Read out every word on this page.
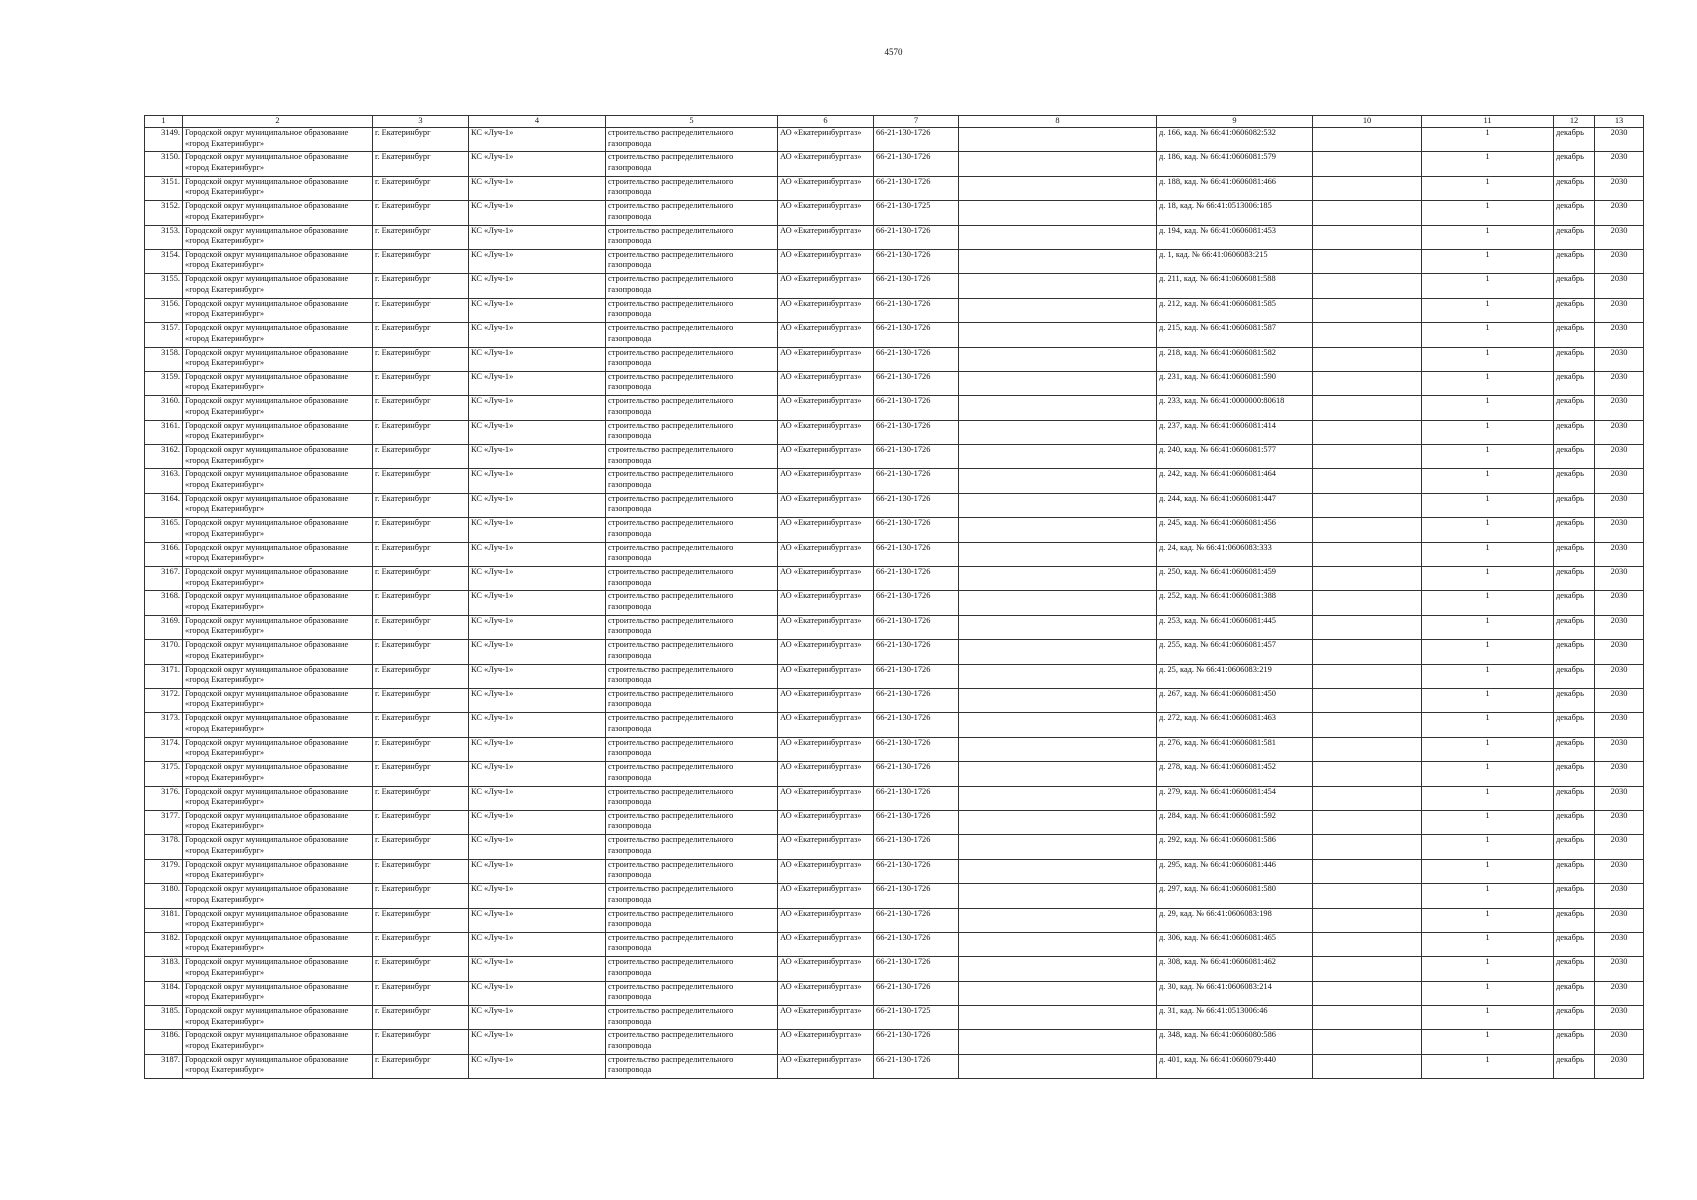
4570
1	2	3	4	5	6	7	8	9	10	11	12	13
3149.	Городской округ муниципальное образование «город Екатеринбург»	г. Екатеринбург	КС «Луч-1»	строительство распределительного газопровода	АО «Екатеринбурггаз»	66-21-130-1726		д. 166, кад. № 66:41:0606082:532		1	декабрь	2030
3150.	Городской округ муниципальное образование «город Екатеринбург»	г. Екатеринбург	КС «Луч-1»	строительство распределительного газопровода	АО «Екатеринбурггаз»	66-21-130-1726		д. 186, кад. № 66:41:0606081:579		1	декабрь	2030
3151.	Городской округ муниципальное образование «город Екатеринбург»	г. Екатеринбург	КС «Луч-1»	строительство распределительного газопровода	АО «Екатеринбурггаз»	66-21-130-1726		д. 188, кад. № 66:41:0606081:466		1	декабрь	2030
3152.	Городской округ муниципальное образование «город Екатеринбург»	г. Екатеринбург	КС «Луч-1»	строительство распределительного газопровода	АО «Екатеринбурггаз»	66-21-130-1725		д. 18, кад. № 66:41:0513006:185		1	декабрь	2030
3153.	Городской округ муниципальное образование «город Екатеринбург»	г. Екатеринбург	КС «Луч-1»	строительство распределительного газопровода	АО «Екатеринбурггаз»	66-21-130-1726		д. 194, кад. № 66:41:0606081:453		1	декабрь	2030
3154.	Городской округ муниципальное образование «город Екатеринбург»	г. Екатеринбург	КС «Луч-1»	строительство распределительного газопровода	АО «Екатеринбурггаз»	66-21-130-1726		д. 1, кад. № 66:41:0606083:215		1	декабрь	2030
3155.	Городской округ муниципальное образование «город Екатеринбург»	г. Екатеринбург	КС «Луч-1»	строительство распределительного газопровода	АО «Екатеринбурггаз»	66-21-130-1726		д. 211, кад. № 66:41:0606081:588		1	декабрь	2030
3156.	Городской округ муниципальное образование «город Екатеринбург»	г. Екатеринбург	КС «Луч-1»	строительство распределительного газопровода	АО «Екатеринбурггаз»	66-21-130-1726		д. 212, кад. № 66:41:0606081:585		1	декабрь	2030
3157.	Городской округ муниципальное образование «город Екатеринбург»	г. Екатеринбург	КС «Луч-1»	строительство распределительного газопровода	АО «Екатеринбурггаз»	66-21-130-1726		д. 215, кад. № 66:41:0606081:587		1	декабрь	2030
3158.	Городской округ муниципальное образование «город Екатеринбург»	г. Екатеринбург	КС «Луч-1»	строительство распределительного газопровода	АО «Екатеринбурггаз»	66-21-130-1726		д. 218, кад. № 66:41:0606081:582		1	декабрь	2030
3159.	Городской округ муниципальное образование «город Екатеринбург»	г. Екатеринбург	КС «Луч-1»	строительство распределительного газопровода	АО «Екатеринбурггаз»	66-21-130-1726		д. 231, кад. № 66:41:0606081:590		1	декабрь	2030
3160.	Городской округ муниципальное образование «город Екатеринбург»	г. Екатеринбург	КС «Луч-1»	строительство распределительного газопровода	АО «Екатеринбурггаз»	66-21-130-1726		д. 233, кад. № 66:41:0000000:80618		1	декабрь	2030
3161.	Городской округ муниципальное образование «город Екатеринбург»	г. Екатеринбург	КС «Луч-1»	строительство распределительного газопровода	АО «Екатеринбурггаз»	66-21-130-1726		д. 237, кад. № 66:41:0606081:414		1	декабрь	2030
3162.	Городской округ муниципальное образование «город Екатеринбург»	г. Екатеринбург	КС «Луч-1»	строительство распределительного газопровода	АО «Екатеринбурггаз»	66-21-130-1726		д. 240, кад. № 66:41:0606081:577		1	декабрь	2030
3163.	Городской округ муниципальное образование «город Екатеринбург»	г. Екатеринбург	КС «Луч-1»	строительство распределительного газопровода	АО «Екатеринбурггаз»	66-21-130-1726		д. 242, кад. № 66:41:0606081:464		1	декабрь	2030
3164.	Городской округ муниципальное образование «город Екатеринбург»	г. Екатеринбург	КС «Луч-1»	строительство распределительного газопровода	АО «Екатеринбурггаз»	66-21-130-1726		д. 244, кад. № 66:41:0606081:447		1	декабрь	2030
3165.	Городской округ муниципальное образование «город Екатеринбург»	г. Екатеринбург	КС «Луч-1»	строительство распределительного газопровода	АО «Екатеринбурггаз»	66-21-130-1726		д. 245, кад. № 66:41:0606081:456		1	декабрь	2030
3166.	Городской округ муниципальное образование «город Екатеринбург»	г. Екатеринбург	КС «Луч-1»	строительство распределительного газопровода	АО «Екатеринбурггаз»	66-21-130-1726		д. 24, кад. № 66:41:0606083:333		1	декабрь	2030
3167.	Городской округ муниципальное образование «город Екатеринбург»	г. Екатеринбург	КС «Луч-1»	строительство распределительного газопровода	АО «Екатеринбурггаз»	66-21-130-1726		д. 250, кад. № 66:41:0606081:459		1	декабрь	2030
3168.	Городской округ муниципальное образование «город Екатеринбург»	г. Екатеринбург	КС «Луч-1»	строительство распределительного газопровода	АО «Екатеринбурггаз»	66-21-130-1726		д. 252, кад. № 66:41:0606081:388		1	декабрь	2030
3169.	Городской округ муниципальное образование «город Екатеринбург»	г. Екатеринбург	КС «Луч-1»	строительство распределительного газопровода	АО «Екатеринбурггаз»	66-21-130-1726		д. 253, кад. № 66:41:0606081:445		1	декабрь	2030
3170.	Городской округ муниципальное образование «город Екатеринбург»	г. Екатеринбург	КС «Луч-1»	строительство распределительного газопровода	АО «Екатеринбурггаз»	66-21-130-1726		д. 255, кад. № 66:41:0606081:457		1	декабрь	2030
3171.	Городской округ муниципальное образование «город Екатеринбург»	г. Екатеринбург	КС «Луч-1»	строительство распределительного газопровода	АО «Екатеринбурггаз»	66-21-130-1726		д. 25, кад. № 66:41:0606083:219		1	декабрь	2030
3172.	Городской округ муниципальное образование «город Екатеринбург»	г. Екатеринбург	КС «Луч-1»	строительство распределительного газопровода	АО «Екатеринбурггаз»	66-21-130-1726		д. 267, кад. № 66:41:0606081:450		1	декабрь	2030
3173.	Городской округ муниципальное образование «город Екатеринбург»	г. Екатеринбург	КС «Луч-1»	строительство распределительного газопровода	АО «Екатеринбурггаз»	66-21-130-1726		д. 272, кад. № 66:41:0606081:463		1	декабрь	2030
3174.	Городской округ муниципальное образование «город Екатеринбург»	г. Екатеринбург	КС «Луч-1»	строительство распределительного газопровода	АО «Екатеринбурггаз»	66-21-130-1726		д. 276, кад. № 66:41:0606081:581		1	декабрь	2030
3175.	Городской округ муниципальное образование «город Екатеринбург»	г. Екатеринбург	КС «Луч-1»	строительство распределительного газопровода	АО «Екатеринбурггаз»	66-21-130-1726		д. 278, кад. № 66:41:0606081:452		1	декабрь	2030
3176.	Городской округ муниципальное образование «город Екатеринбург»	г. Екатеринбург	КС «Луч-1»	строительство распределительного газопровода	АО «Екатеринбурггаз»	66-21-130-1726		д. 279, кад. № 66:41:0606081:454		1	декабрь	2030
3177.	Городской округ муниципальное образование «город Екатеринбург»	г. Екатеринбург	КС «Луч-1»	строительство распределительного газопровода	АО «Екатеринбурггаз»	66-21-130-1726		д. 284, кад. № 66:41:0606081:592		1	декабрь	2030
3178.	Городской округ муниципальное образование «город Екатеринбург»	г. Екатеринбург	КС «Луч-1»	строительство распределительного газопровода	АО «Екатеринбурггаз»	66-21-130-1726		д. 292, кад. № 66:41:0606081:586		1	декабрь	2030
3179.	Городской округ муниципальное образование «город Екатеринбург»	г. Екатеринбург	КС «Луч-1»	строительство распределительного газопровода	АО «Екатеринбурггаз»	66-21-130-1726		д. 295, кад. № 66:41:0606081:446		1	декабрь	2030
3180.	Городской округ муниципальное образование «город Екатеринбург»	г. Екатеринбург	КС «Луч-1»	строительство распределительного газопровода	АО «Екатеринбурггаз»	66-21-130-1726		д. 297, кад. № 66:41:0606081:580		1	декабрь	2030
3181.	Городской округ муниципальное образование «город Екатеринбург»	г. Екатеринбург	КС «Луч-1»	строительство распределительного газопровода	АО «Екатеринбурггаз»	66-21-130-1726		д. 29, кад. № 66:41:0606083:198		1	декабрь	2030
3182.	Городской округ муниципальное образование «город Екатеринбург»	г. Екатеринбург	КС «Луч-1»	строительство распределительного газопровода	АО «Екатеринбурггаз»	66-21-130-1726		д. 306, кад. № 66:41:0606081:465		1	декабрь	2030
3183.	Городской округ муниципальное образование «город Екатеринбург»	г. Екатеринбург	КС «Луч-1»	строительство распределительного газопровода	АО «Екатеринбурггаз»	66-21-130-1726		д. 308, кад. № 66:41:0606081:462		1	декабрь	2030
3184.	Городской округ муниципальное образование «город Екатеринбург»	г. Екатеринбург	КС «Луч-1»	строительство распределительного газопровода	АО «Екатеринбурггаз»	66-21-130-1726		д. 30, кад. № 66:41:0606083:214		1	декабрь	2030
3185.	Городской округ муниципальное образование «город Екатеринбург»	г. Екатеринбург	КС «Луч-1»	строительство распределительного газопровода	АО «Екатеринбурггаз»	66-21-130-1725		д. 31, кад. № 66:41:0513006:46		1	декабрь	2030
3186.	Городской округ муниципальное образование «город Екатеринбург»	г. Екатеринбург	КС «Луч-1»	строительство распределительного газопровода	АО «Екатеринбурггаз»	66-21-130-1726		д. 348, кад. № 66:41:0606080:586		1	декабрь	2030
3187.	Городской округ муниципальное образование «город Екатеринбург»	г. Екатеринбург	КС «Луч-1»	строительство распределительного газопровода	АО «Екатеринбурггаз»	66-21-130-1726		д. 401, кад. № 66:41:0606079:440		1	декабрь	2030
